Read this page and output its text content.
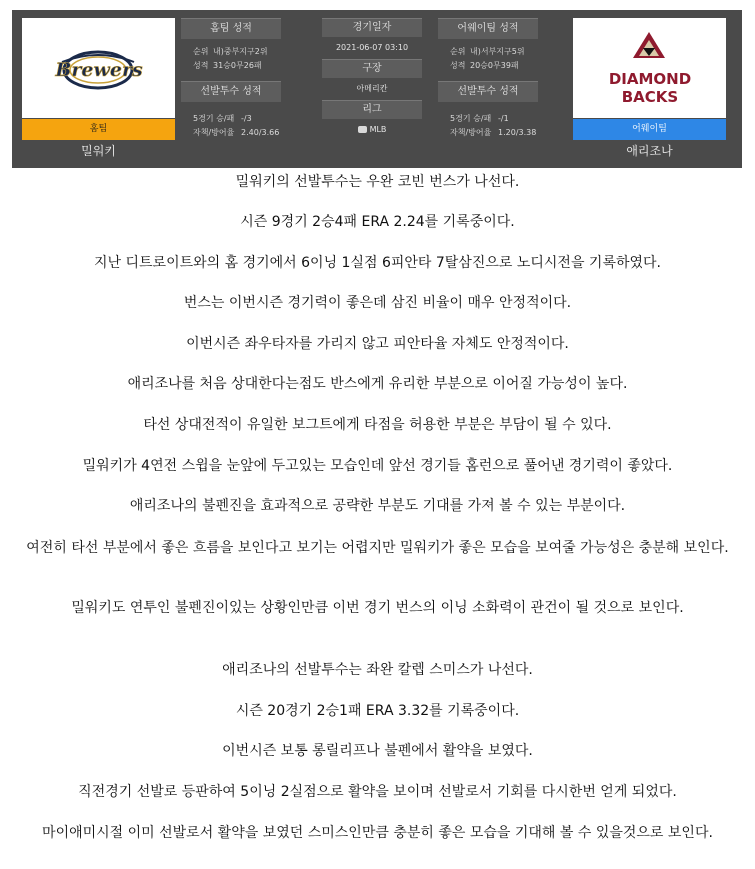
Brewers
홈팀
밀워키
홈팀 성적
순위 내)중부지구2위
성적 31승0무26패
선발투수 성적
5경기 승/패 -/3
자책/방어율 2.40/3.66
경기일자
2021-06-07 03:10
구장
아메리칸
리그
MLB
어웨이팀 성적
순위 내)서부지구5위
성적 20승0무39패
선발투수 성적
5경기 승/패 -/1
자책/방어율 1.20/3.38
DIAMOND
BACKS
어웨이팀
애리조나
밀워키의 선발투수는 우완 코빈 번스가 나선다.
시즌 9경기 2승4패 ERA 2.24를 기록중이다.
지난 디트로이트와의 홈 경기에서 6이닝 1실점 6피안타 7탈삼진으로 노디시전을 기록하였다.
번스는 이번시즌 경기력이 좋은데 삼진 비율이 매우 안정적이다.
이번시즌 좌우타자를 가리지 않고 피안타율 자체도 안정적이다.
애리조나를 처음 상대한다는점도 반스에게 유리한 부분으로 이어질 가능성이 높다.
타선 상대전적이 유일한 보그트에게 타점을 허용한 부분은 부담이 될 수 있다.
밀워키가 4연전 스윕을 눈앞에 두고있는 모습인데 앞선 경기들 홈런으로 풀어낸 경기력이 좋았다.
애리조나의 불펜진을 효과적으로 공략한 부분도 기대를 가져 볼 수 있는 부분이다.
여전히 타선 부분에서 좋은 흐름을 보인다고 보기는 어렵지만 밀워키가 좋은 모습을 보여줄 가능성은 충분해 보인다.
밀워키도 연투인 불펜진이있는 상황인만큼 이번 경기 번스의 이닝 소화력이 관건이 될 것으로 보인다.
애리조나의 선발투수는 좌완 칼렙 스미스가 나선다.
시즌 20경기 2승1패 ERA 3.32를 기록중이다.
이번시즌 보통 롱릴리프나 불펜에서 활약을 보였다.
직전경기 선발로 등판하여 5이닝 2실점으로 활약을 보이며 선발로서 기회를 다시한번 얻게 되었다.
마이애미시절 이미 선발로서 활약을 보였던 스미스인만큼 충분히 좋은 모습을 기대해 볼 수 있을것으로 보인다.
